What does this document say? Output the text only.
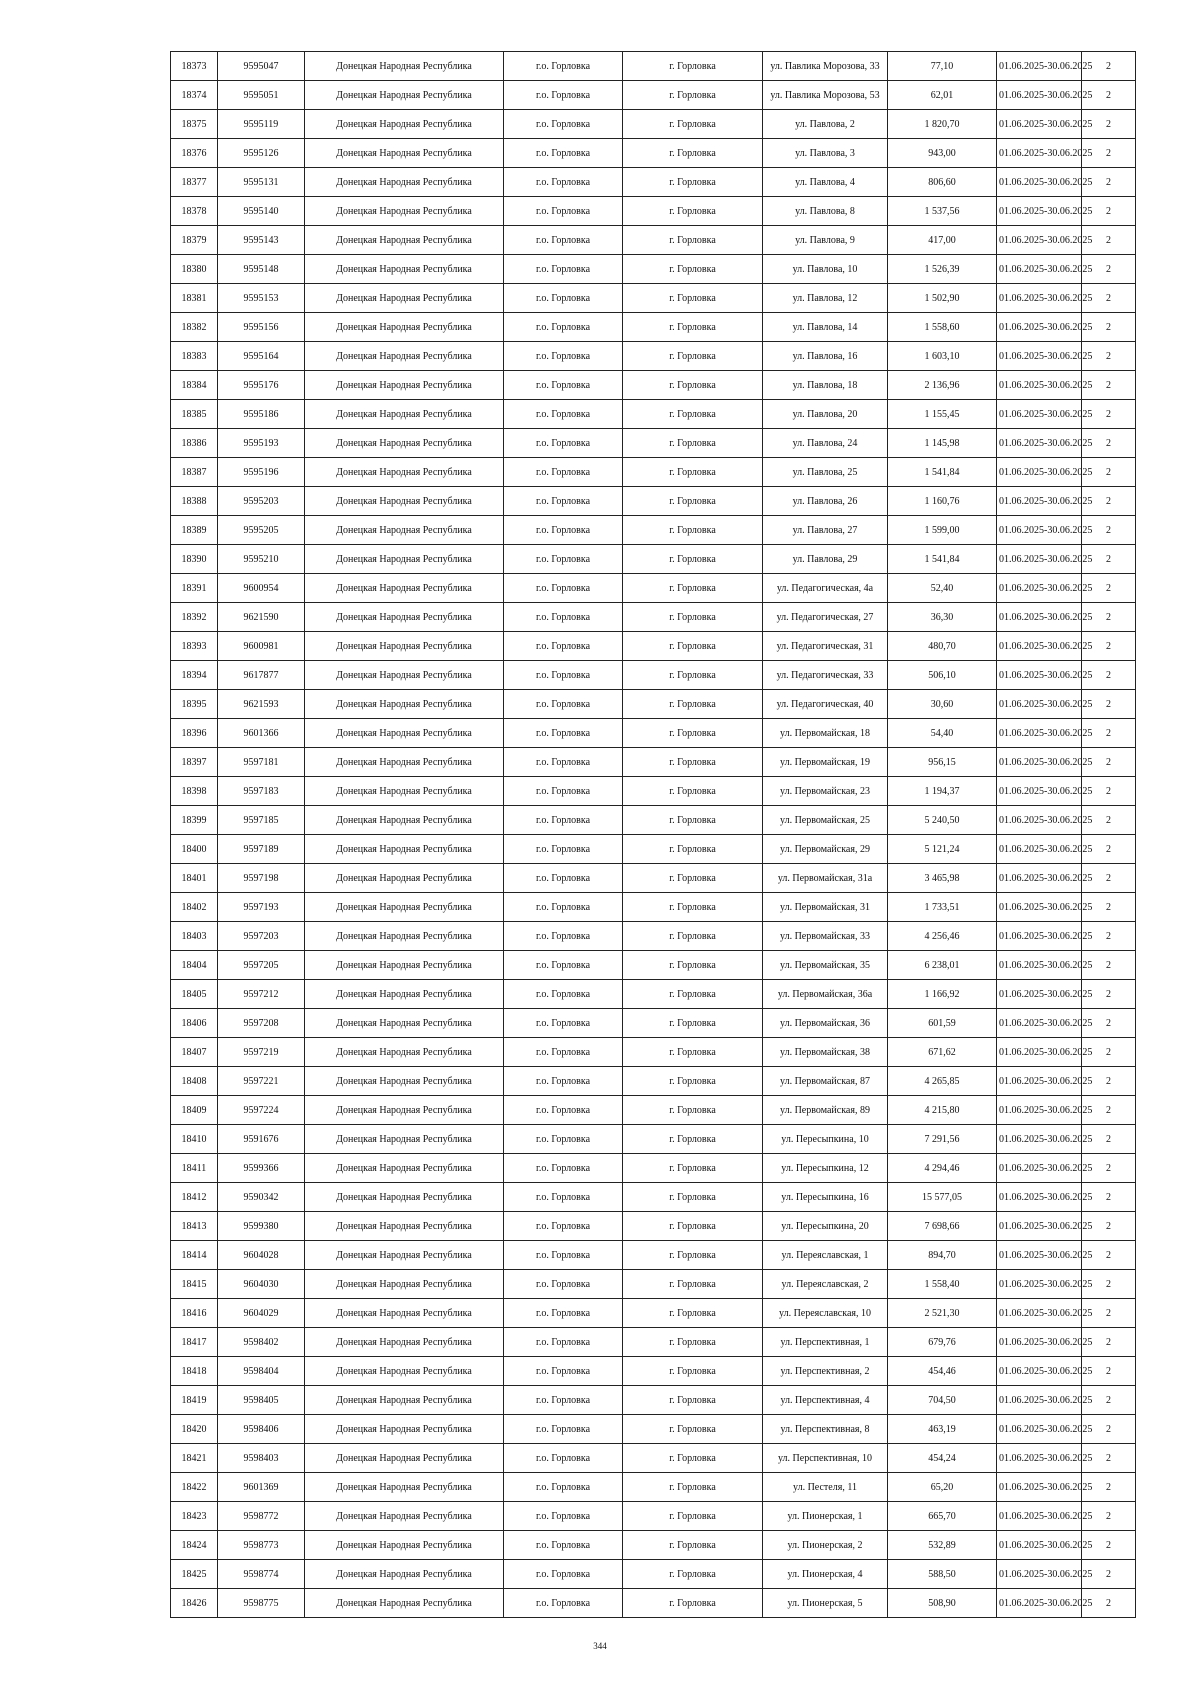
18373	9595047	Донецкая Народная Республика	г.о. Горловка	г. Горловка	ул. Павлика Морозова, 33	77,10	01.06.2025-30.06.2025	2
18374	9595051	Донецкая Народная Республика	г.о. Горловка	г. Горловка	ул. Павлика Морозова, 53	62,01	01.06.2025-30.06.2025	2
18375	9595119	Донецкая Народная Республика	г.о. Горловка	г. Горловка	ул. Павлова, 2	1 820,70	01.06.2025-30.06.2025	2
18376	9595126	Донецкая Народная Республика	г.о. Горловка	г. Горловка	ул. Павлова, 3	943,00	01.06.2025-30.06.2025	2
18377	9595131	Донецкая Народная Республика	г.о. Горловка	г. Горловка	ул. Павлова, 4	806,60	01.06.2025-30.06.2025	2
18378	9595140	Донецкая Народная Республика	г.о. Горловка	г. Горловка	ул. Павлова, 8	1 537,56	01.06.2025-30.06.2025	2
18379	9595143	Донецкая Народная Республика	г.о. Горловка	г. Горловка	ул. Павлова, 9	417,00	01.06.2025-30.06.2025	2
18380	9595148	Донецкая Народная Республика	г.о. Горловка	г. Горловка	ул. Павлова, 10	1 526,39	01.06.2025-30.06.2025	2
18381	9595153	Донецкая Народная Республика	г.о. Горловка	г. Горловка	ул. Павлова, 12	1 502,90	01.06.2025-30.06.2025	2
18382	9595156	Донецкая Народная Республика	г.о. Горловка	г. Горловка	ул. Павлова, 14	1 558,60	01.06.2025-30.06.2025	2
18383	9595164	Донецкая Народная Республика	г.о. Горловка	г. Горловка	ул. Павлова, 16	1 603,10	01.06.2025-30.06.2025	2
18384	9595176	Донецкая Народная Республика	г.о. Горловка	г. Горловка	ул. Павлова, 18	2 136,96	01.06.2025-30.06.2025	2
18385	9595186	Донецкая Народная Республика	г.о. Горловка	г. Горловка	ул. Павлова, 20	1 155,45	01.06.2025-30.06.2025	2
18386	9595193	Донецкая Народная Республика	г.о. Горловка	г. Горловка	ул. Павлова, 24	1 145,98	01.06.2025-30.06.2025	2
18387	9595196	Донецкая Народная Республика	г.о. Горловка	г. Горловка	ул. Павлова, 25	1 541,84	01.06.2025-30.06.2025	2
18388	9595203	Донецкая Народная Республика	г.о. Горловка	г. Горловка	ул. Павлова, 26	1 160,76	01.06.2025-30.06.2025	2
18389	9595205	Донецкая Народная Республика	г.о. Горловка	г. Горловка	ул. Павлова, 27	1 599,00	01.06.2025-30.06.2025	2
18390	9595210	Донецкая Народная Республика	г.о. Горловка	г. Горловка	ул. Павлова, 29	1 541,84	01.06.2025-30.06.2025	2
18391	9600954	Донецкая Народная Республика	г.о. Горловка	г. Горловка	ул. Педагогическая, 4а	52,40	01.06.2025-30.06.2025	2
18392	9621590	Донецкая Народная Республика	г.о. Горловка	г. Горловка	ул. Педагогическая, 27	36,30	01.06.2025-30.06.2025	2
18393	9600981	Донецкая Народная Республика	г.о. Горловка	г. Горловка	ул. Педагогическая, 31	480,70	01.06.2025-30.06.2025	2
18394	9617877	Донецкая Народная Республика	г.о. Горловка	г. Горловка	ул. Педагогическая, 33	506,10	01.06.2025-30.06.2025	2
18395	9621593	Донецкая Народная Республика	г.о. Горловка	г. Горловка	ул. Педагогическая, 40	30,60	01.06.2025-30.06.2025	2
18396	9601366	Донецкая Народная Республика	г.о. Горловка	г. Горловка	ул. Первомайская, 18	54,40	01.06.2025-30.06.2025	2
18397	9597181	Донецкая Народная Республика	г.о. Горловка	г. Горловка	ул. Первомайская, 19	956,15	01.06.2025-30.06.2025	2
18398	9597183	Донецкая Народная Республика	г.о. Горловка	г. Горловка	ул. Первомайская, 23	1 194,37	01.06.2025-30.06.2025	2
18399	9597185	Донецкая Народная Республика	г.о. Горловка	г. Горловка	ул. Первомайская, 25	5 240,50	01.06.2025-30.06.2025	2
18400	9597189	Донецкая Народная Республика	г.о. Горловка	г. Горловка	ул. Первомайская, 29	5 121,24	01.06.2025-30.06.2025	2
18401	9597198	Донецкая Народная Республика	г.о. Горловка	г. Горловка	ул. Первомайская, 31а	3 465,98	01.06.2025-30.06.2025	2
18402	9597193	Донецкая Народная Республика	г.о. Горловка	г. Горловка	ул. Первомайская, 31	1 733,51	01.06.2025-30.06.2025	2
18403	9597203	Донецкая Народная Республика	г.о. Горловка	г. Горловка	ул. Первомайская, 33	4 256,46	01.06.2025-30.06.2025	2
18404	9597205	Донецкая Народная Республика	г.о. Горловка	г. Горловка	ул. Первомайская, 35	6 238,01	01.06.2025-30.06.2025	2
18405	9597212	Донецкая Народная Республика	г.о. Горловка	г. Горловка	ул. Первомайская, 36а	1 166,92	01.06.2025-30.06.2025	2
18406	9597208	Донецкая Народная Республика	г.о. Горловка	г. Горловка	ул. Первомайская, 36	601,59	01.06.2025-30.06.2025	2
18407	9597219	Донецкая Народная Республика	г.о. Горловка	г. Горловка	ул. Первомайская, 38	671,62	01.06.2025-30.06.2025	2
18408	9597221	Донецкая Народная Республика	г.о. Горловка	г. Горловка	ул. Первомайская, 87	4 265,85	01.06.2025-30.06.2025	2
18409	9597224	Донецкая Народная Республика	г.о. Горловка	г. Горловка	ул. Первомайская, 89	4 215,80	01.06.2025-30.06.2025	2
18410	9591676	Донецкая Народная Республика	г.о. Горловка	г. Горловка	ул. Пересыпкина, 10	7 291,56	01.06.2025-30.06.2025	2
18411	9599366	Донецкая Народная Республика	г.о. Горловка	г. Горловка	ул. Пересыпкина, 12	4 294,46	01.06.2025-30.06.2025	2
18412	9590342	Донецкая Народная Республика	г.о. Горловка	г. Горловка	ул. Пересыпкина, 16	15 577,05	01.06.2025-30.06.2025	2
18413	9599380	Донецкая Народная Республика	г.о. Горловка	г. Горловка	ул. Пересыпкина, 20	7 698,66	01.06.2025-30.06.2025	2
18414	9604028	Донецкая Народная Республика	г.о. Горловка	г. Горловка	ул. Переяславская, 1	894,70	01.06.2025-30.06.2025	2
18415	9604030	Донецкая Народная Республика	г.о. Горловка	г. Горловка	ул. Переяславская, 2	1 558,40	01.06.2025-30.06.2025	2
18416	9604029	Донецкая Народная Республика	г.о. Горловка	г. Горловка	ул. Переяславская, 10	2 521,30	01.06.2025-30.06.2025	2
18417	9598402	Донецкая Народная Республика	г.о. Горловка	г. Горловка	ул. Перспективная, 1	679,76	01.06.2025-30.06.2025	2
18418	9598404	Донецкая Народная Республика	г.о. Горловка	г. Горловка	ул. Перспективная, 2	454,46	01.06.2025-30.06.2025	2
18419	9598405	Донецкая Народная Республика	г.о. Горловка	г. Горловка	ул. Перспективная, 4	704,50	01.06.2025-30.06.2025	2
18420	9598406	Донецкая Народная Республика	г.о. Горловка	г. Горловка	ул. Перспективная, 8	463,19	01.06.2025-30.06.2025	2
18421	9598403	Донецкая Народная Республика	г.о. Горловка	г. Горловка	ул. Перспективная, 10	454,24	01.06.2025-30.06.2025	2
18422	9601369	Донецкая Народная Республика	г.о. Горловка	г. Горловка	ул. Пестеля, 11	65,20	01.06.2025-30.06.2025	2
18423	9598772	Донецкая Народная Республика	г.о. Горловка	г. Горловка	ул. Пионерская, 1	665,70	01.06.2025-30.06.2025	2
18424	9598773	Донецкая Народная Республика	г.о. Горловка	г. Горловка	ул. Пионерская, 2	532,89	01.06.2025-30.06.2025	2
18425	9598774	Донецкая Народная Республика	г.о. Горловка	г. Горловка	ул. Пионерская, 4	588,50	01.06.2025-30.06.2025	2
18426	9598775	Донецкая Народная Республика	г.о. Горловка	г. Горловка	ул. Пионерская, 5	508,90	01.06.2025-30.06.2025	2
344
